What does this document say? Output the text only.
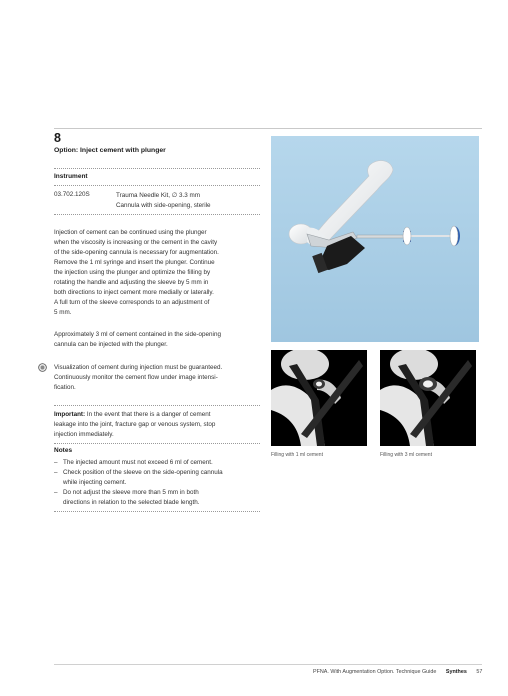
8
Option: Inject cement with plunger
Instrument
03.702.120S	Trauma Needle Kit, ∅ 3.3 mm
Cannula with side-opening, sterile
Injection of cement can be continued using the plunger
when the viscosity is increasing or the cement in the cavity
of the side-opening cannula is necessary for augmentation.
Remove the 1 ml syringe and insert the plunger. Continue
the injection using the plunger and optimize the filling by
rotating the handle and adjusting the sleeve by 5 mm in
both directions to inject cement more medially or laterally.
A full turn of the sleeve corresponds to an adjustment of
5 mm.
Approximately 3 ml of cement contained in the side-opening
cannula can be injected with the plunger.
Visualization of cement during injection must be guaranteed.
Continuously monitor the cement flow under image intensi-
fication.
Important: In the event that there is a danger of cement
leakage into the joint, fracture gap or venous system, stop
injection immediately.
Notes
– The injected amount must not exceed 6 ml of cement.
– Check position of the sleeve on the side-opening cannula
while injecting cement.
– Do not adjust the sleeve more than 5 mm in both
directions in relation to the selected blade length.
Filling with 1 ml cement	Filling with 3 ml cement
PFNA. With Augmentation Option. Technique Guide Synthes 57
